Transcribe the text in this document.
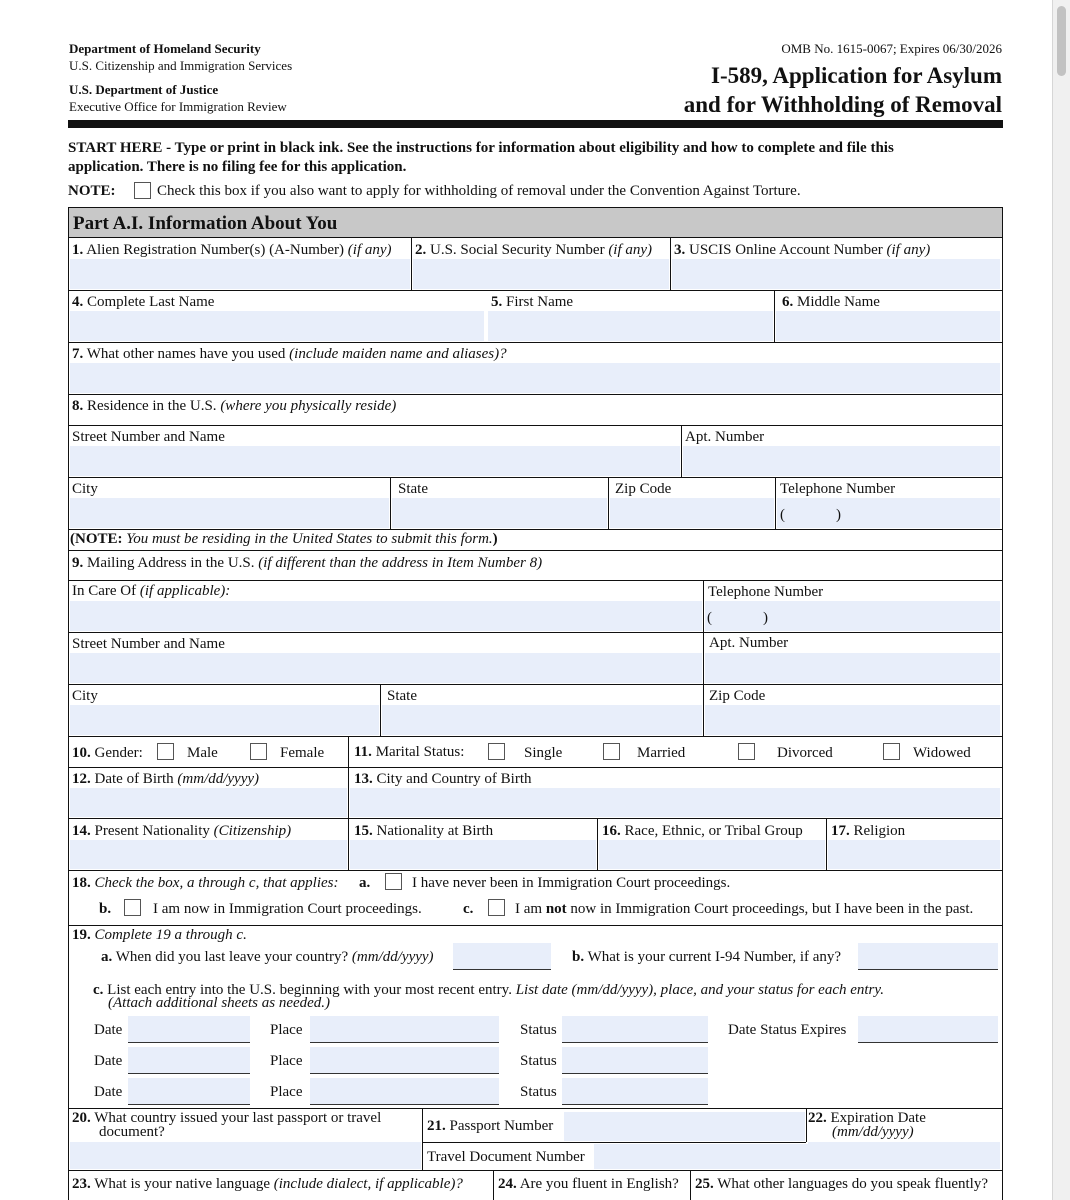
Department of Homeland Security
U.S. Citizenship and Immigration Services
U.S. Department of Justice
Executive Office for Immigration Review
OMB No. 1615-0067; Expires 06/30/2026
I-589, Application for Asylum
and for Withholding of Removal
START HERE - Type or print in black ink. See the instructions for information about eligibility and how to complete and file this
application. There is no filing fee for this application.
NOTE:	Check this box if you also want to apply for withholding of removal under the Convention Against Torture.
Part A.I. Information About You
1. Alien Registration Number(s) (A-Number) (if any) 2. U.S. Social Security Number (if any) 3. USCIS Online Account Number (if any)
4. Complete Last Name	5. First Name	6. Middle Name
7. What other names have you used (include maiden name and aliases)?
8. Residence in the U.S. (where you physically reside)
Street Number and Name	Apt. Number
City	State	Zip Code	Telephone Number
(	)
(NOTE: You must be residing in the United States to submit this form.)
9. Mailing Address in the U.S. (if different than the address in Item Number 8)
In Care Of (if applicable):	Telephone Number
(	)
Street Number and Name	Apt. Number
City	State	Zip Code
10. Gender:	Male	Female 11. Marital Status:	Single	Married	Divorced	Widowed
12. Date of Birth (mm/dd/yyyy)	13. City and Country of Birth
14. Present Nationality (Citizenship)	15. Nationality at Birth	16. Race, Ethnic, or Tribal Group 17. Religion
18. Check the box, a through c, that applies: a.	I have never been in Immigration Court proceedings.
b.	I am now in Immigration Court proceedings.	c.	I am not now in Immigration Court proceedings, but I have been in the past.
19. Complete 19 a through c.
a. When did you last leave your country? (mm/dd/yyyy)	b. What is your current I-94 Number, if any?
c. List each entry into the U.S. beginning with your most recent entry. List date (mm/dd/yyyy), place, and your status for each entry.
(Attach additional sheets as needed.)
Date	Place	Status	Date Status Expires
Date	Place	Status
Date	Place	Status
20. What country issued your last passport or travel
document?	21. Passport Number	22. Expiration Date
(mm/dd/yyyy)
Travel Document Number
23. What is your native language (include dialect, if applicable)? 24. Are you fluent in English? 25. What other languages do you speak fluently?
